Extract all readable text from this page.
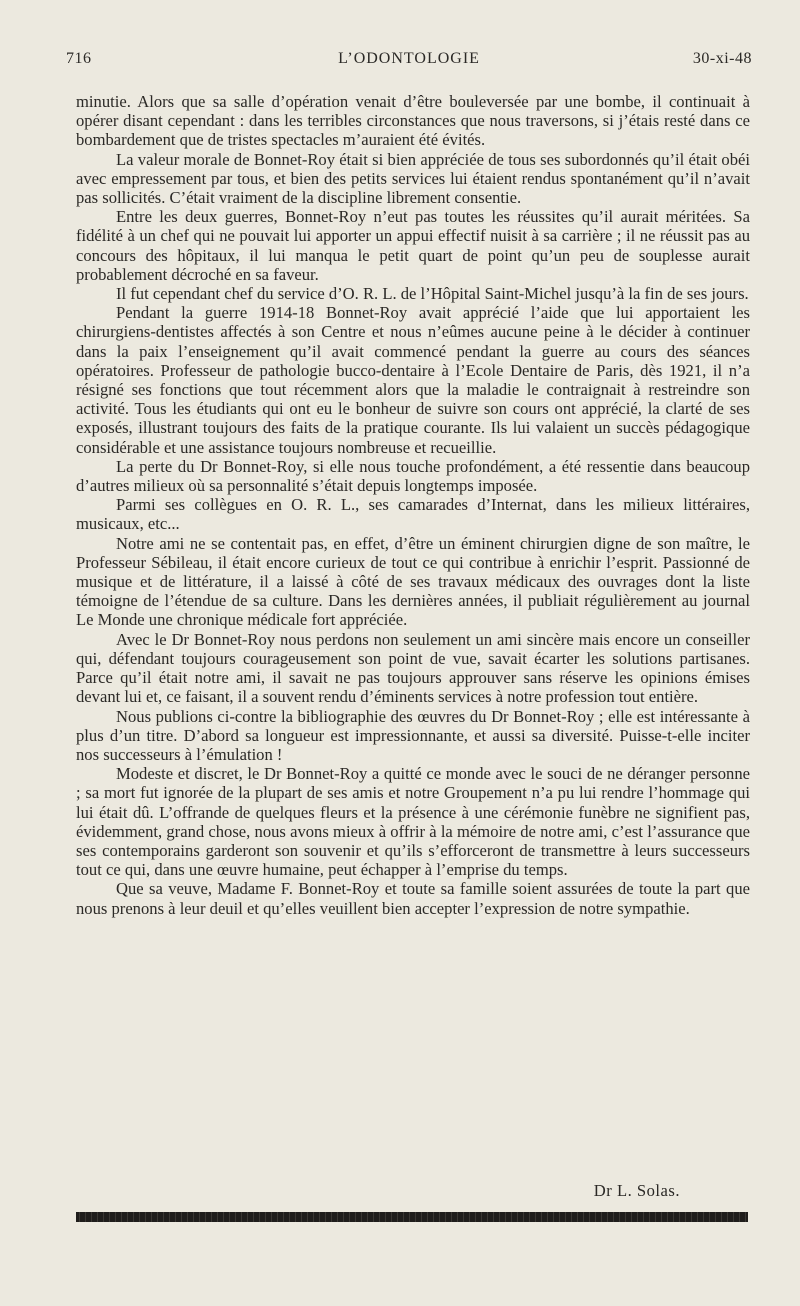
716	L’ODONTOLOGIE	30-xi-48

minutie. Alors que sa salle d’opération venait d’être bouleversée par une bombe, il continuait à opérer disant cependant : dans les terribles circonstances que nous traversons, si j’étais resté dans ce bombardement que de tristes spectacles m’auraient été évités.

La valeur morale de Bonnet-Roy était si bien appréciée de tous ses subordonnés qu’il était obéi avec empressement par tous, et bien des petits services lui étaient rendus spontanément qu’il n’avait pas sollicités. C’était vraiment de la discipline librement consentie.

Entre les deux guerres, Bonnet-Roy n’eut pas toutes les réussites qu’il aurait méritées. Sa fidélité à un chef qui ne pouvait lui apporter un appui effectif nuisit à sa carrière ; il ne réussit pas au concours des hôpitaux, il lui manqua le petit quart de point qu’un peu de souplesse aurait probablement décroché en sa faveur.

Il fut cependant chef du service d’O. R. L. de l’Hôpital Saint-Michel jusqu’à la fin de ses jours.

Pendant la guerre 1914-18 Bonnet-Roy avait apprécié l’aide que lui apportaient les chirurgiens-dentistes affectés à son Centre et nous n’eûmes aucune peine à le décider à continuer dans la paix l’enseignement qu’il avait commencé pendant la guerre au cours des séances opératoires. Professeur de pathologie bucco-dentaire à l’Ecole Dentaire de Paris, dès 1921, il n’a résigné ses fonctions que tout récemment alors que la maladie le contraignait à restreindre son activité. Tous les étudiants qui ont eu le bonheur de suivre son cours ont apprécié, la clarté de ses exposés, illustrant toujours des faits de la pratique courante. Ils lui valaient un succès pédagogique considérable et une assistance toujours nombreuse et recueillie.

La perte du Dr Bonnet-Roy, si elle nous touche profondément, a été ressentie dans beaucoup d’autres milieux où sa personnalité s’était depuis longtemps imposée.

Parmi ses collègues en O. R. L., ses camarades d’Internat, dans les milieux littéraires, musicaux, etc...

Notre ami ne se contentait pas, en effet, d’être un éminent chirurgien digne de son maître, le Professeur Sébileau, il était encore curieux de tout ce qui contribue à enrichir l’esprit. Passionné de musique et de littérature, il a laissé à côté de ses travaux médicaux des ouvrages dont la liste témoigne de l’étendue de sa culture. Dans les dernières années, il publiait régulièrement au journal Le Monde une chronique médicale fort appréciée.

Avec le Dr Bonnet-Roy nous perdons non seulement un ami sincère mais encore un conseiller qui, défendant toujours courageusement son point de vue, savait écarter les solutions partisanes. Parce qu’il était notre ami, il savait ne pas toujours approuver sans réserve les opinions émises devant lui et, ce faisant, il a souvent rendu d’éminents services à notre profession tout entière.

Nous publions ci-contre la bibliographie des œuvres du Dr Bonnet-Roy ; elle est intéressante à plus d’un titre. D’abord sa longueur est impressionnante, et aussi sa diversité. Puisse-t-elle inciter nos successeurs à l’émulation !

Modeste et discret, le Dr Bonnet-Roy a quitté ce monde avec le souci de ne déranger personne ; sa mort fut ignorée de la plupart de ses amis et notre Groupement n’a pu lui rendre l’hommage qui lui était dû. L’offrande de quelques fleurs et la présence à une cérémonie funèbre ne signifient pas, évidemment, grand chose, nous avons mieux à offrir à la mémoire de notre ami, c’est l’assurance que ses contemporains garderont son souvenir et qu’ils s’efforceront de transmettre à leurs successeurs tout ce qui, dans une œuvre humaine, peut échapper à l’emprise du temps.

Que sa veuve, Madame F. Bonnet-Roy et toute sa famille soient assurées de toute la part que nous prenons à leur deuil et qu’elles veuillent bien accepter l’expression de notre sympathie.

Dr L. Solas.
